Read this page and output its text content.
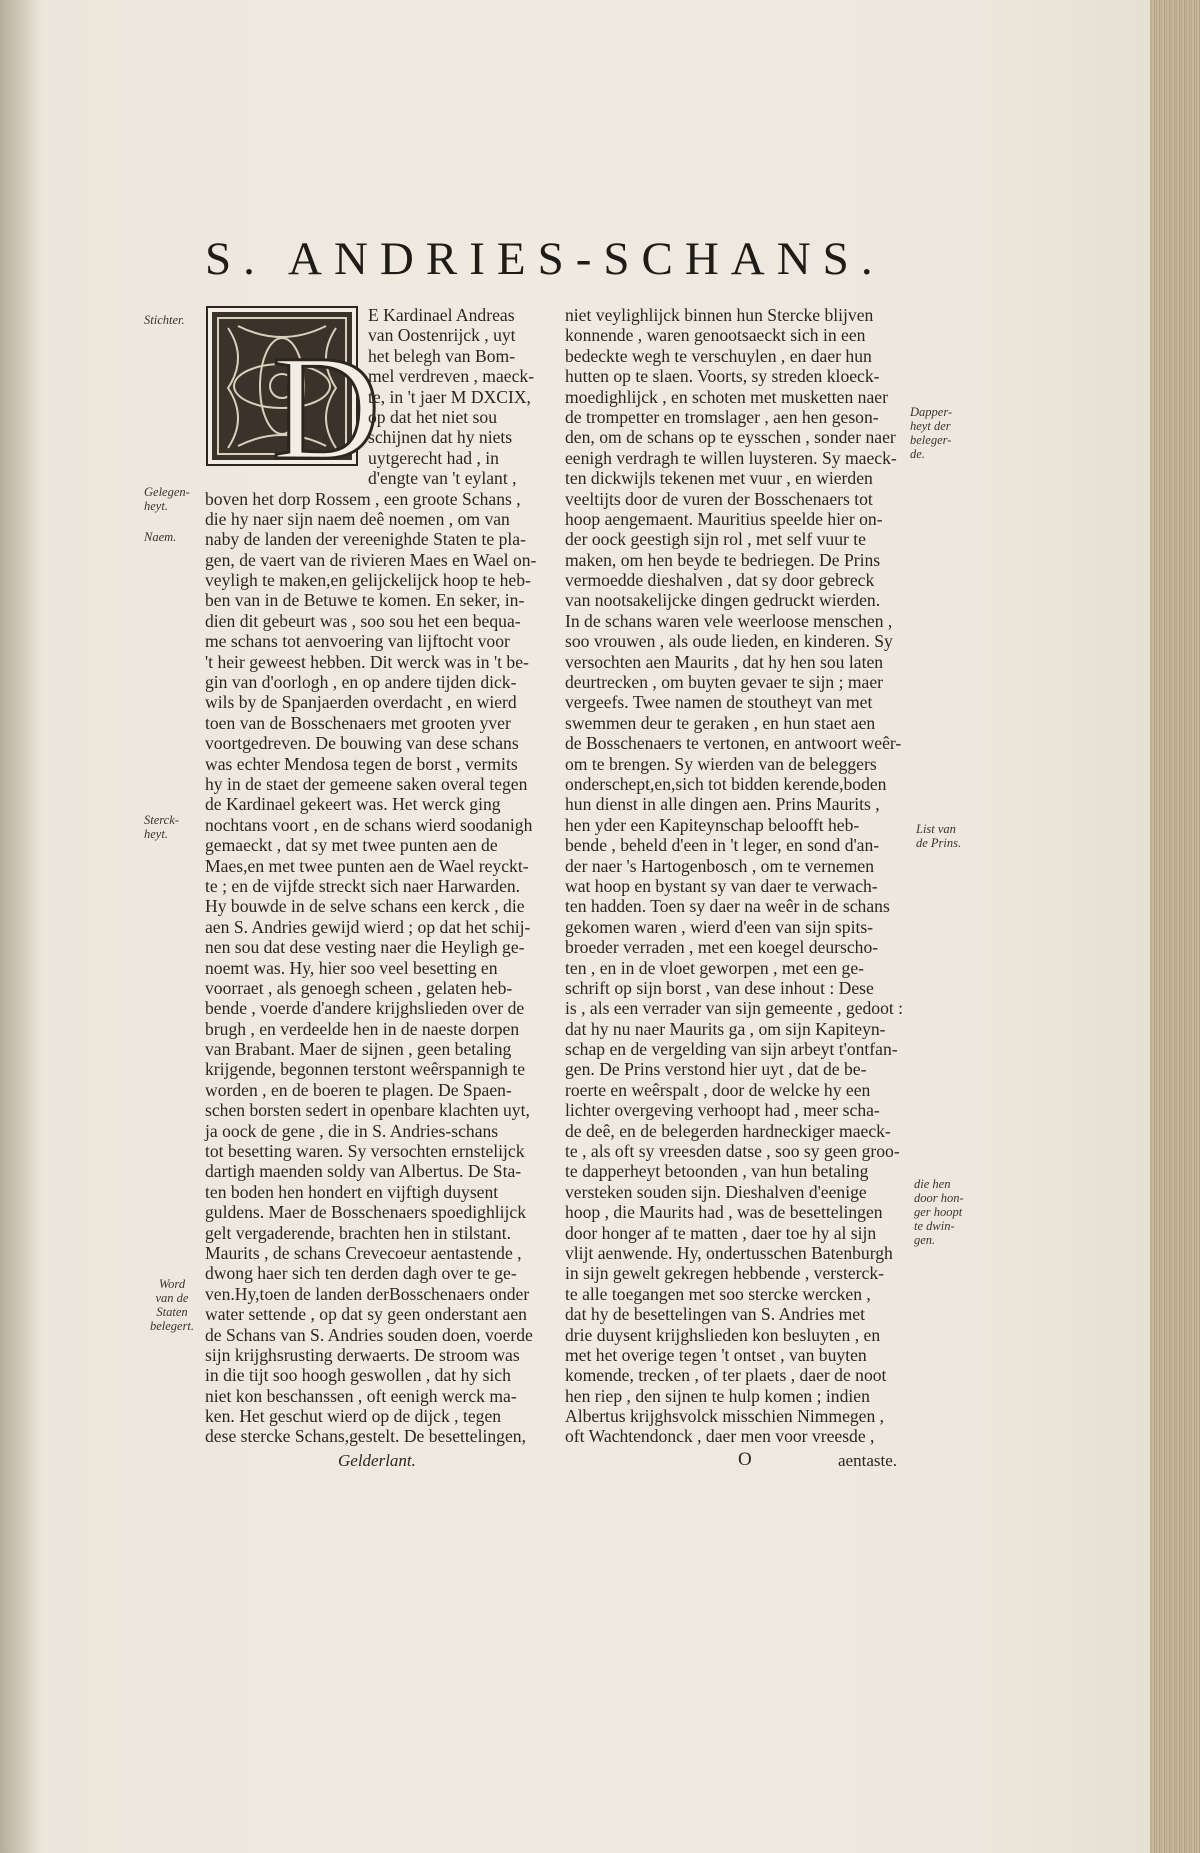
S. ANDRIES-SCHANS.
D
E Kardinael Andreas
van Oostenrijck , uyt
het belegh van Bom-
mel verdreven , maeck-
te, in 't jaer M DXCIX,
op dat het niet sou
schijnen dat hy niets
uytgerecht had , in
d'engte van 't eylant ,
boven het dorp Rossem , een groote Schans ,
die hy naer sijn naem deê noemen , om van
naby de landen der vereenighde Staten te pla-
gen, de vaert van de rivieren Maes en Wael on-
veyligh te maken,en gelijckelijck hoop te heb-
ben van in de Betuwe te komen. En seker, in-
dien dit gebeurt was , soo sou het een bequa-
me schans tot aenvoering van lijftocht voor
't heir geweest hebben. Dit werck was in 't be-
gin van d'oorlogh , en op andere tijden dick-
wils by de Spanjaerden overdacht , en wierd
toen van de Bosschenaers met grooten yver
voortgedreven. De bouwing van dese schans
was echter Mendosa tegen de borst , vermits
hy in de staet der gemeene saken overal tegen
de Kardinael gekeert was. Het werck ging
nochtans voort , en de schans wierd soodanigh
gemaeckt , dat sy met twee punten aen de
Maes,en met twee punten aen de Wael reyckt-
te ; en de vijfde streckt sich naer Harwarden.
Hy bouwde in de selve schans een kerck , die
aen S. Andries gewijd wierd ; op dat het schij-
nen sou dat dese vesting naer die Heyligh ge-
noemt was. Hy, hier soo veel besetting en
voorraet , als genoegh scheen , gelaten heb-
bende , voerde d'andere krijghslieden over de
brugh , en verdeelde hen in de naeste dorpen
van Brabant. Maer de sijnen , geen betaling
krijgende, begonnen terstont weêrspannigh te
worden , en de boeren te plagen. De Spaen-
schen borsten sedert in openbare klachten uyt,
ja oock de gene , die in S. Andries-schans
tot besetting waren. Sy versochten ernstelijck
dartigh maenden soldy van Albertus. De Sta-
ten boden hen hondert en vijftigh duysent
guldens. Maer de Bosschenaers spoedighlijck
gelt vergaderende, brachten hen in stilstant.
Maurits , de schans Crevecoeur aentastende ,
dwong haer sich ten derden dagh over te ge-
ven.Hy,toen de landen derBosschenaers onder
water settende , op dat sy geen onderstant aen
de Schans van S. Andries souden doen, voerde
sijn krijghsrusting derwaerts. De stroom was
in die tijt soo hoogh geswollen , dat hy sich
niet kon beschanssen , oft eenigh werck ma-
ken. Het geschut wierd op de dijck , tegen
dese stercke Schans,gestelt. De besettelingen,
niet veylighlijck binnen hun Stercke blijven
konnende , waren genootsaeckt sich in een
bedeckte wegh te verschuylen , en daer hun
hutten op te slaen. Voorts, sy streden kloeck-
moedighlijck , en schoten met musketten naer
de trompetter en tromslager , aen hen geson-
den, om de schans op te eysschen , sonder naer
eenigh verdragh te willen luysteren. Sy maeck-
ten dickwijls tekenen met vuur , en wierden
veeltijts door de vuren der Bosschenaers tot
hoop aengemaent. Mauritius speelde hier on-
der oock geestigh sijn rol , met self vuur te
maken, om hen beyde te bedriegen. De Prins
vermoedde dieshalven , dat sy door gebreck
van nootsakelijcke dingen gedruckt wierden.
In de schans waren vele weerloose menschen ,
soo vrouwen , als oude lieden, en kinderen. Sy
versochten aen Maurits , dat hy hen sou laten
deurtrecken , om buyten gevaer te sijn ; maer
vergeefs. Twee namen de stoutheyt van met
swemmen deur te geraken , en hun staet aen
de Bosschenaers te vertonen, en antwoort weêr-
om te brengen. Sy wierden van de beleggers
onderschept,en,sich tot bidden kerende,boden
hun dienst in alle dingen aen. Prins Maurits ,
hen yder een Kapiteynschap beloofft heb-
bende , beheld d'een in 't leger, en sond d'an-
der naer 's Hartogenbosch , om te vernemen
wat hoop en bystant sy van daer te verwach-
ten hadden. Toen sy daer na weêr in de schans
gekomen waren , wierd d'een van sijn spits-
broeder verraden , met een koegel deurscho-
ten , en in de vloet geworpen , met een ge-
schrift op sijn borst , van dese inhout : Dese
is , als een verrader van sijn gemeente , gedoot :
dat hy nu naer Maurits ga , om sijn Kapiteyn-
schap en de vergelding van sijn arbeyt t'ontfan-
gen. De Prins verstond hier uyt , dat de be-
roerte en weêrspalt , door de welcke hy een
lichter overgeving verhoopt had , meer scha-
de deê, en de belegerden hardneckiger maeck-
te , als oft sy vreesden datse , soo sy geen groo-
te dapperheyt betoonden , van hun betaling
versteken souden sijn. Dieshalven d'eenige
hoop , die Maurits had , was de besettelingen
door honger af te matten , daer toe hy al sijn
vlijt aenwende. Hy, ondertusschen Batenburgh
in sijn gewelt gekregen hebbende , versterck-
te alle toegangen met soo stercke wercken ,
dat hy de besettelingen van S. Andries met
drie duysent krijghslieden kon besluyten , en
met het overige tegen 't ontset , van buyten
komende, trecken , of ter plaets , daer de noot
hen riep , den sijnen te hulp komen ; indien
Albertus krijghsvolck misschien Nimmegen ,
oft Wachtendonck , daer men voor vreesde ,
Gelderlant.	O	aentaste.
Stichter.
Gelegen-
heyt.
Naem.
Sterck-
heyt.
Word
van de
Staten
belegert.
Dapper-
heyt der
beleger-
de.
List van
de Prins.
die hen
door hon-
ger hoopt
te dwin-
gen.
